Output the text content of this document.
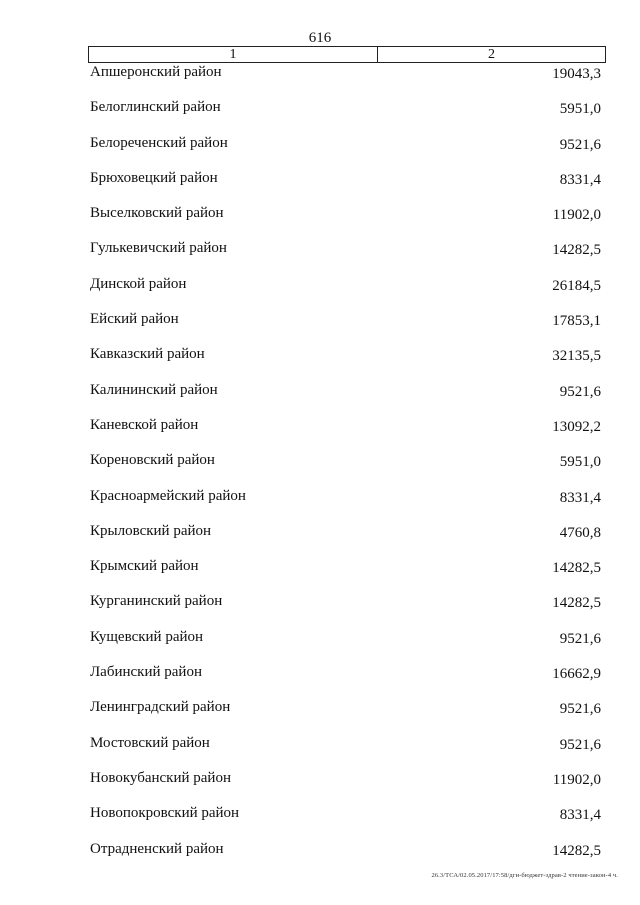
616
1	2
Апшеронский район	19043,3
Белоглинский район	5951,0
Белореченский район	9521,6
Брюховецкий район	8331,4
Выселковский район	11902,0
Гулькевичский район	14282,5
Динской район	26184,5
Ейский район	17853,1
Кавказский район	32135,5
Калининский район	9521,6
Каневской район	13092,2
Кореновский район	5951,0
Красноармейский район	8331,4
Крыловский район	4760,8
Крымский район	14282,5
Курганинский район	14282,5
Кущевский район	9521,6
Лабинский район	16662,9
Ленинградский район	9521,6
Мостовский район	9521,6
Новокубанский район	11902,0
Новопокровский район	8331,4
Отрадненский район	14282,5
26.3/ТСА/02.05.2017/17:58/дги-бюджет-здрав-2 чтение-закон-4 ч.
